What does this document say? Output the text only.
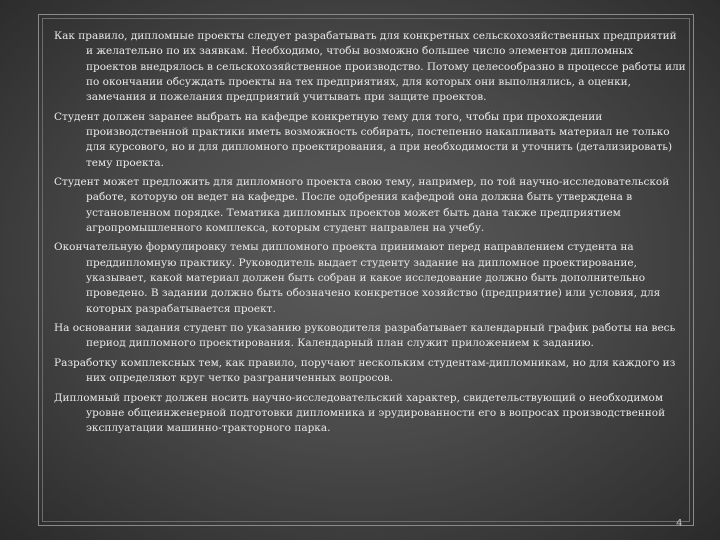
Как правило, дипломные проекты следует разрабатывать для конкретных сельскохозяйственных предприятий и желательно по их заявкам. Необходимо, чтобы возможно большее число элементов дипломных проектов внедрялось в сельскохозяйственное производство. Потому целесообразно в процессе работы или по окончании обсуждать проекты на тех предприятиях, для которых они выполнялись, а оценки, замечания и пожелания предприятий учитывать при защите проектов.

Студент должен заранее выбрать на кафедре конкретную тему для того, чтобы при прохождении производственной практики иметь возможность собирать, постепенно накапливать материал не только для курсового, но и для дипломного проектирования, а при необходимости и уточнить (детализировать) тему проекта.

Студент может предложить для дипломного проекта свою тему, например, по той научно-исследовательской работе, которую он ведет на кафедре. После одобрения кафедрой она должна быть утверждена в установленном порядке. Тематика дипломных проектов может быть дана также предприятием агропромышленного комплекса, которым студент направлен на учебу.

Окончательную формулировку темы дипломного проекта принимают перед направлением студента на преддипломную практику. Руководитель выдает студенту задание на дипломное проектирование, указывает, какой материал должен быть собран и какое исследование должно быть дополнительно проведено. В задании должно быть обозначено конкретное хозяйство (предприятие) или условия, для которых разрабатывается проект.

На основании задания студент по указанию руководителя разрабатывает календарный график работы на весь период дипломного проектирования. Календарный план служит приложением к заданию.

Разработку комплексных тем, как правило, поручают нескольким студентам-дипломникам, но для каждого из них определяют круг четко разграниченных вопросов.

Дипломный проект должен носить научно-исследовательский характер, свидетельствующий о необходимом уровне общеинженерной подготовки дипломника и эрудированности его в вопросах производственной эксплуатации машинно-тракторного парка.

4
